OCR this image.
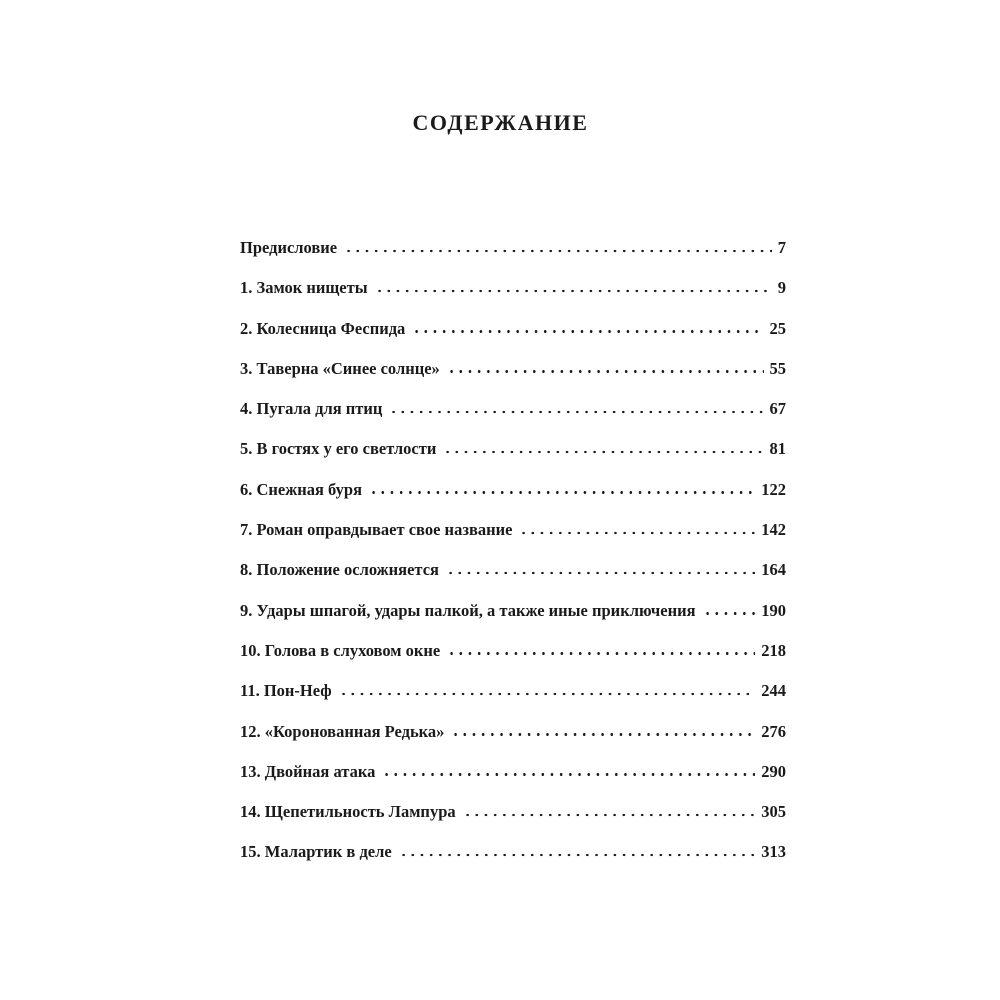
СОДЕРЖАНИЕ
Предисловие	7
1. Замок нищеты	9
2. Колесница Феспида	25
3. Таверна «Синее солнце»	55
4. Пугала для птиц	67
5. В гостях у его светлости	81
6. Снежная буря	122
7. Роман оправдывает свое название	142
8. Положение осложняется	164
9. Удары шпагой, удары палкой, а также иные приключения	190
10. Голова в слуховом окне	218
11. Пон-Неф	244
12. «Коронованная Редька»	276
13. Двойная атака	290
14. Щепетильность Лампура	305
15. Малартик в деле	313
